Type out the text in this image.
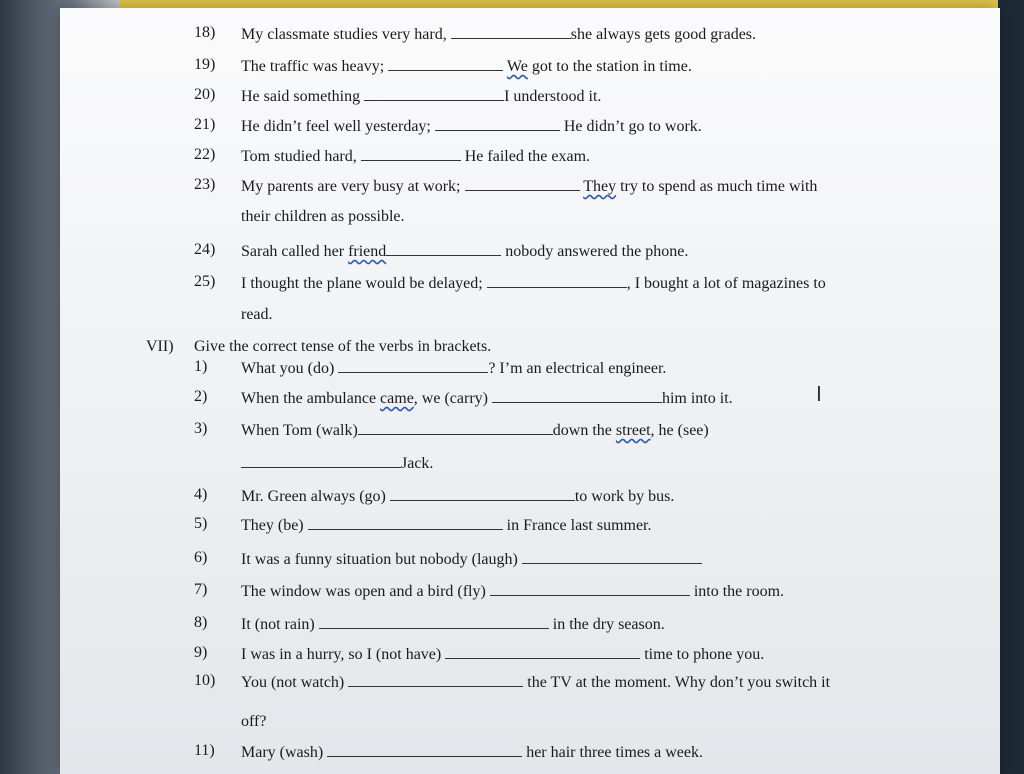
18)	My classmate studies very hard,	she always gets good grades.
19)	The traffic was heavy;	We got to the station in time.
20)	He said something	I understood it.
21)	He didn’t feel well yesterday;	He didn’t go to work.
22)	Tom studied hard,	He failed the exam.
23)	My parents are very busy at work;	They try to spend as much time with
their children as possible.
24)	Sarah called her friend	nobody answered the phone.
25)	I thought the plane would be delayed;	, I bought a lot of magazines to
read.
1)	What you (do)	? I’m an electrical engineer.
2)	When the ambulance came, we (carry)	him into it.
3)	When Tom (walk)	down the street, he (see)
Jack.
4)	Mr. Green always (go)	to work by bus.
5)	They (be)	in France last summer.
6)	It was a funny situation but nobody (laugh)
7)	The window was open and a bird (fly)	into the room.
8)	It (not rain)	in the dry season.
9)	I was in a hurry, so I (not have)	time to phone you.
10)	You (not watch)	the TV at the moment. Why don’t you switch it
off?
11)	Mary (wash)	her hair three times a week.
VII) Give the correct tense of the verbs in brackets.
Ι
